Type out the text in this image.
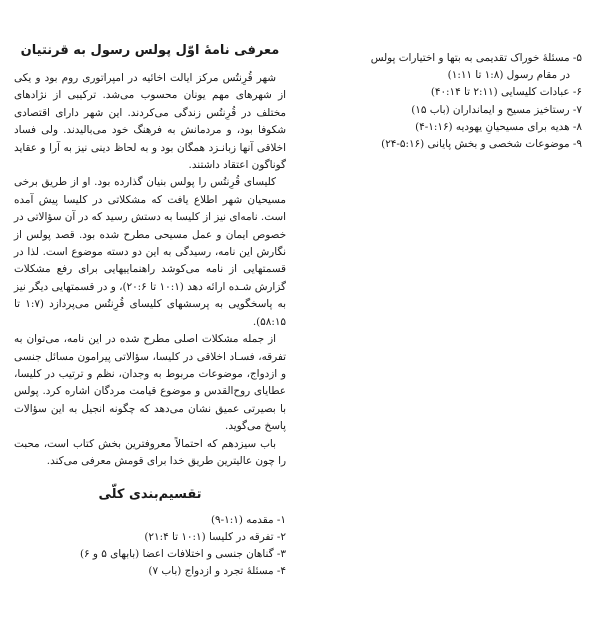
معرفی نامهٔ اوّل پولس رسول به قرنتیان

شهر قُرِنتُس مرکز ایالت اخائیه در امپراتوری روم بود و یکی از شهرهای مهم یونان محسوب می‌شد. ترکیبی از نژادهای مختلف در قُرِنتُس زندگی می‌کردند. این شهر دارای اقتصادی شکوفا بود، و مردمانش به فرهنگ خود می‌بالیدند. ولی فساد اخلاقی آنها زبانـزد همگان بود و به لحاظ دینی نیز به آرا و عقاید گوناگون اعتقاد داشتند.

کلیسای قُرِنتُس را پولس بنیان گذارده بود. او از طریق برخی مسیحیان شهر اطلاع یافت که مشکلاتی در کلیسا پیش آمده است. نامه‌ای نیز از کلیسا به دستش رسید که در آن سؤالاتی در خصوص ایمان و عمل مسیحی مطرح شده بود. قصد پولس از نگارش این نامه، رسیدگی به این دو دسته موضوع است. لذا در قسمتهایی از نامه می‌کوشد راهنماییهایی برای رفع مشکلات گزارش شـده ارائه دهد (۱۰:۱ تا ۲۰:۶)، و در قسمتهایی دیگر نیز به پاسخگویی به پرسشهای کلیسای قُرِنتُس می‌پردازد (۱:۷ تا ۵۸:۱۵).

از جمله مشکلات اصلی مطرح شده در این نامه، می‌توان به تفرقه، فسـاد اخلاقی در کلیسا، سؤالاتی پیرامون مسائل جنسی و ازدواج، موضوعات مربوط به وجدان، نظم و ترتیب در کلیسا، عطایای روح‌القدس و موضوع قیامت مردگان اشاره کرد. پولس با بصیرتی عمیق نشان می‌دهد که چگونه انجیل به این سؤالات پاسخ می‌گوید.

باب سیزدهم که احتمالاً معروفترین بخش کتاب است، محبت را چون عالیترین طریق خدا برای قومش معرفی می‌کند.

تقسیم‌بندی کلّی
۱- مقدمه (۱:۱-۹)
۲- تفرقه در کلیسا (۱۰:۱ تا ۲۱:۴)
۳- گناهان جنسی و اختلافات اعضا (بابهای ۵ و ۶)
۴- مسئلهٔ تجرد و ازدواج (باب ۷)
۵- مسئلهٔ خوراک تقدیمی به بتها و اختیارات پولس
در مقام رسول (۱:۸ تا ۱:۱۱)
۶- عبادات کلیسایی (۲:۱۱ تا ۴۰:۱۴)
۷- رستاخیز مسیح و ایمانداران (باب ۱۵)
۸- هدیه برای مسیحیانِ یهودیه (۱:۱۶-۴)
۹- موضوعات شخصی و بخش پایانی (۵:۱۶-۲۴)
